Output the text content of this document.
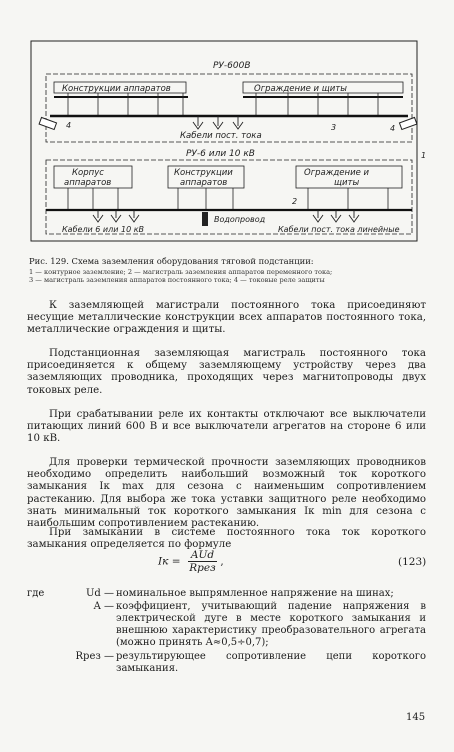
РУ-600В
Конструкции аппаратов	Ограждение и щиты
Кабели пост. тока
4	4
3
РУ-6 или 10 кВ
Корпус
аппаратов
Конструкции
аппаратов
Ограждение и
щиты
Водопровод
Кабели 6 или 10 кВ	Кабели пост. тока линейные
2
1
Рис. 129. Схема заземления оборудования тяговой подстанции:
1 — контурное заземление; 2 — магистраль заземления аппаратов переменного тока;
3 — магистраль заземления аппаратов постоянного тока; 4 — токовые реле защиты
К заземляющей магистрали постоянного тока присоединяют несущие металлические конструкции всех аппаратов постоянного тока, металлические ограждения и щиты.
Подстанционная заземляющая магистраль постоянного тока присоединяется к общему заземляющему устройству через два заземляющих проводника, проходящих через магнитопроводы двух токовых реле.
При срабатывании реле их контакты отключают все выключатели питающих линий 600 В и все выключатели агрегатов на стороне 6 или 10 кВ.
Для проверки термической прочности заземляющих проводников необходимо определить наибольший возможный ток короткого замыкания Iк max для сезона с наименьшим сопротивлением растеканию. Для выбора же тока уставки защитного реле необходимо знать минимальный ток короткого замыкания Iк min для сезона с наибольшим сопротивлением растеканию.
При замыкании в системе постоянного тока ток короткого замыкания определяется по формуле
Iк =
AUd
Rрез
,	(123)
где	Ud — номинальное выпрямленное напряжение на шинах;
A — коэффициент, учитывающий падение напряжения в электрической дуге в месте короткого замыкания и внешнюю характеристику преобразовательного агрегата (можно принять A≈0,5÷0,7);
Rрез — результирующее сопротивление цепи короткого замыкания.
145
